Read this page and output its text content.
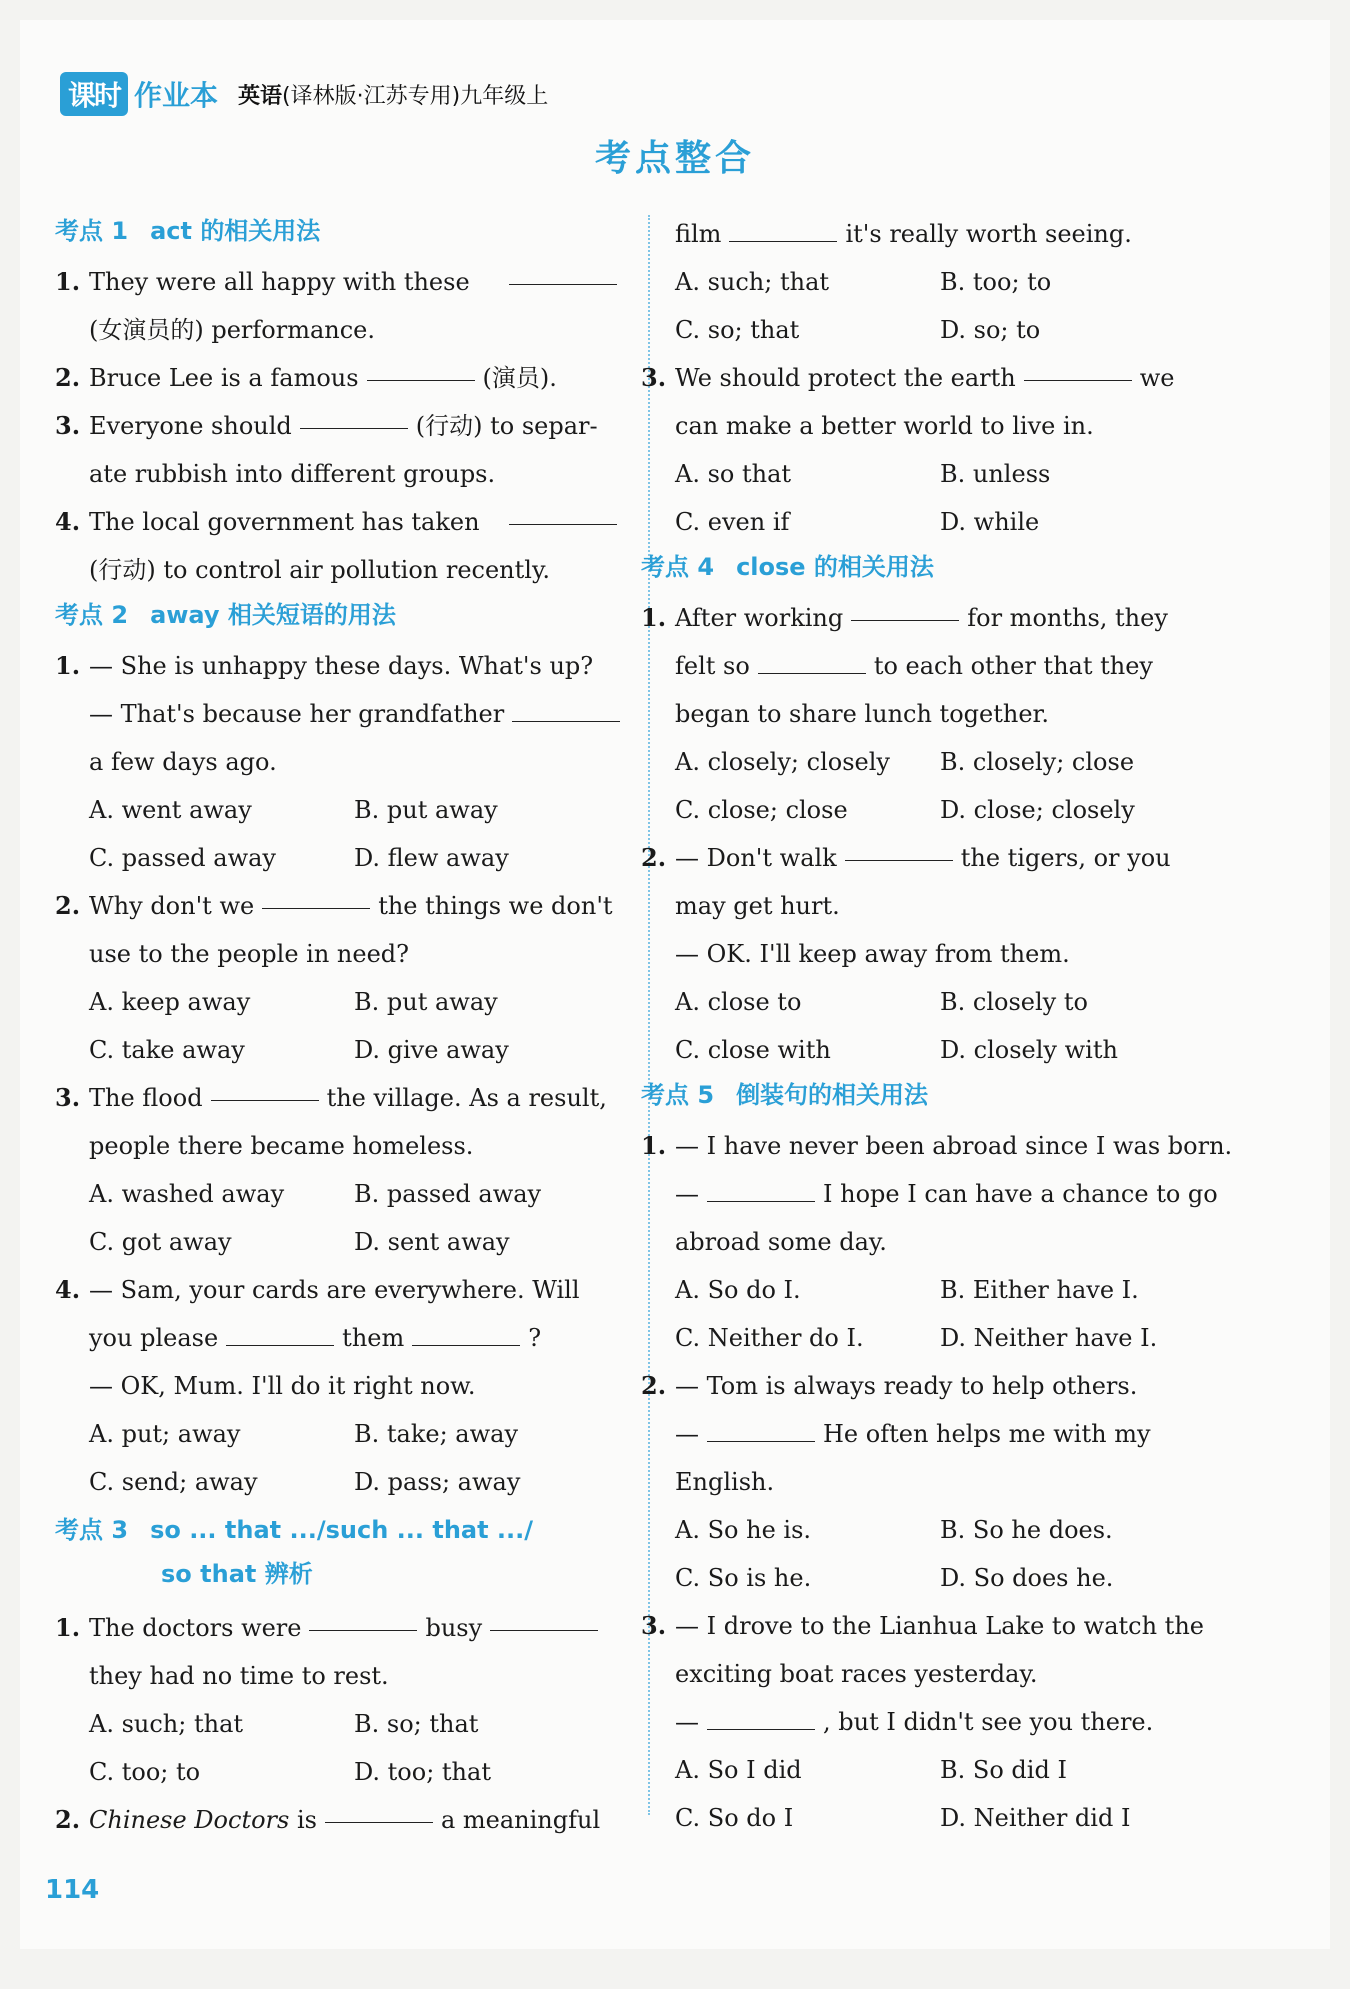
课时 作业本 英语(译林版·江苏专用)九年级上
考点整合
考点 1 act 的相关用法
1. They were all happy with these
(女演员的) performance.
2. Bruce Lee is a famous	(演员).
3. Everyone should	(行动) to separ-
ate rubbish into different groups.
4. The local government has taken
(行动) to control air pollution recently.
考点 2 away 相关短语的用法
1. — She is unhappy these days. What's up?
— That's because her grandfather
a few days ago.
A. went away	B. put away
C. passed away	D. flew away
2. Why don't we	the things we don't
use to the people in need?
A. keep away	B. put away
C. take away	D. give away
3. The flood	the village. As a result,
people there became homeless.
A. washed away	B. passed away
C. got away	D. sent away
4. — Sam, your cards are everywhere. Will
you please	them	?
— OK, Mum. I'll do it right now.
A. put; away	B. take; away
C. send; away	D. pass; away
考点 3 so ... that .../such ... that .../
so that 辨析
1. The doctors were	busy
they had no time to rest.
A. such; that	B. so; that
C. too; to	D. too; that
2. Chinese Doctors
is	a meaningful
film	it's really worth seeing.
A. such; that	B. too; to
C. so; that	D. so; to
3. We should protect the earth	we
can make a better world to live in.
A. so that	B. unless
C. even if	D. while
考点 4 close 的相关用法
1. After working	for months, they
felt so	to each other that they
began to share lunch together.
A. closely; closely	B. closely; close
C. close; close	D. close; closely
2. — Don't walk	the tigers, or you
may get hurt.
— OK. I'll keep away from them.
A. close to	B. closely to
C. close with	D. closely with
考点 5 倒装句的相关用法
1. — I have never been abroad since I was born.
—	I hope I can have a chance to go
abroad some day.
A. So do I.	B. Either have I.
C. Neither do I.	D. Neither have I.
2. — Tom is always ready to help others.
—	He often helps me with my
English.
A. So he is.	B. So he does.
C. So is he.	D. So does he.
3. — I drove to the Lianhua Lake to watch the
exciting boat races yesterday.
—	, but I didn't see you there.
A. So I did	B. So did I
C. So do I	D. Neither did I
114
